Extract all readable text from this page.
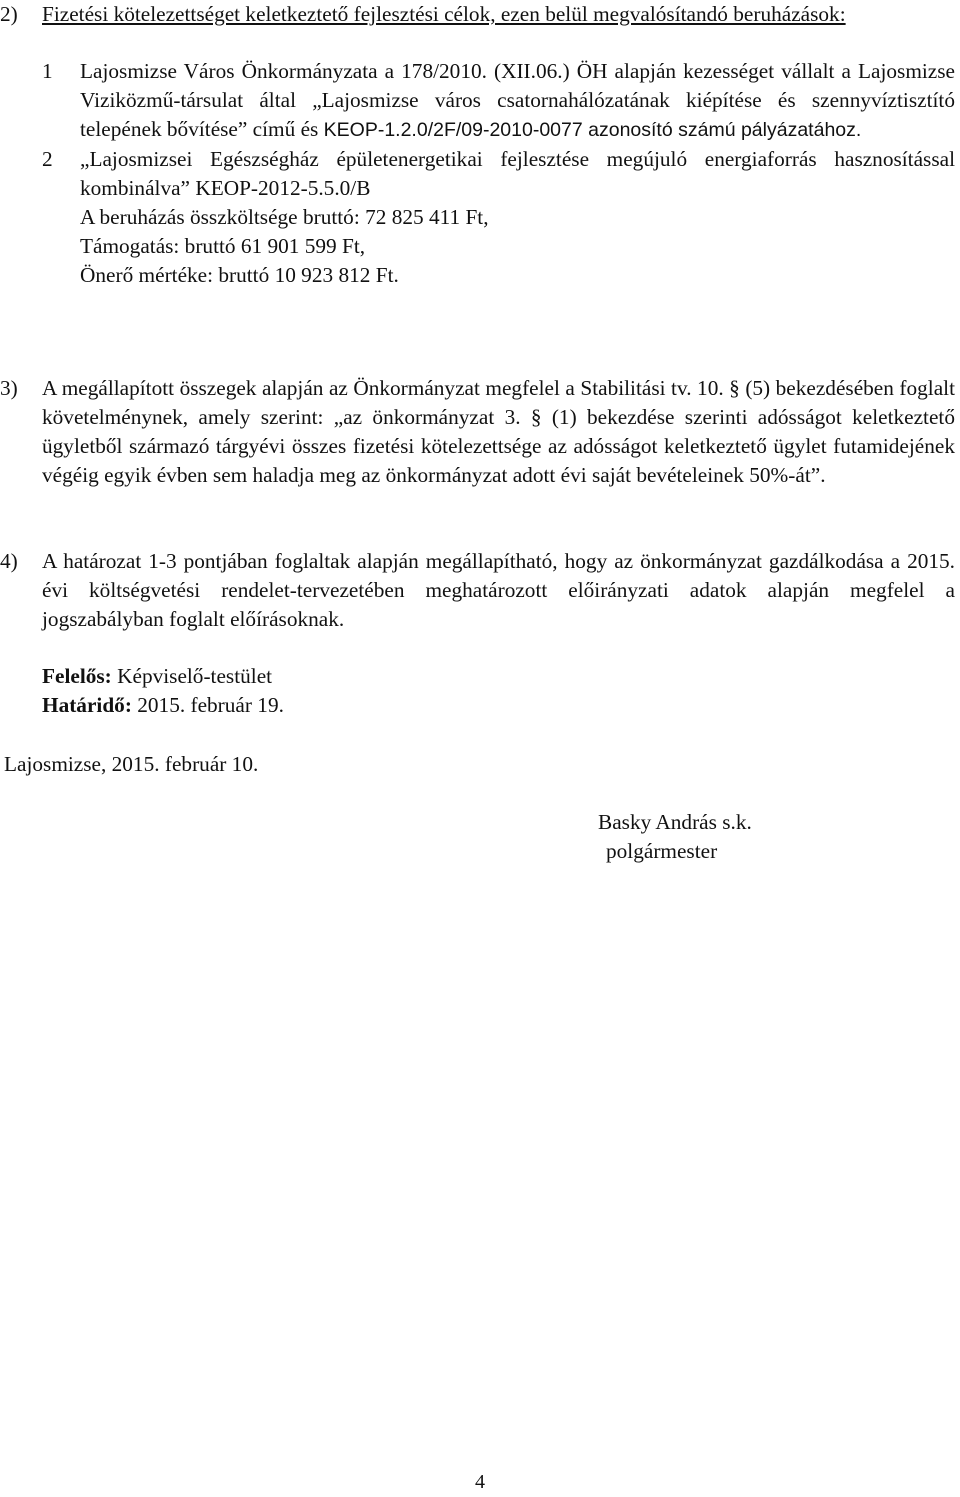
2)	Fizetési kötelezettséget keletkeztető fejlesztési célok, ezen belül megvalósítandó beruházások:
1	Lajosmizse Város Önkormányzata a 178/2010. (XII.06.) ÖH alapján kezességet vállalt a Lajosmizse Viziközmű-társulat által „Lajosmizse város csatornahálózatának kiépítése és szennyvíztisztító telepének bővítése” című és KEOP-1.2.0/2F/09-2010-0077 azonosító számú pályázatához.
2	„Lajosmizsei Egészségház épületenergetikai fejlesztése megújuló energiaforrás hasznosítással kombinálva” KEOP-2012-5.5.0/B
A beruházás összköltsége bruttó: 72 825 411 Ft,
Támogatás: bruttó 61 901 599 Ft,
Önerő mértéke: bruttó 10 923 812 Ft.
3)	A megállapított összegek alapján az Önkormányzat megfelel a Stabilitási tv. 10. § (5) bekezdésében foglalt követelménynek, amely szerint: „az önkormányzat 3. § (1) bekezdése szerinti adósságot keletkeztető ügyletből származó tárgyévi összes fizetési kötelezettsége az adósságot keletkeztető ügylet futamidejének végéig egyik évben sem haladja meg az önkormányzat adott évi saját bevételeinek 50%-át”.
4)	A határozat 1-3 pontjában foglaltak alapján megállapítható, hogy az önkormányzat gazdálkodása a 2015. évi költségvetési rendelet-tervezetében meghatározott előirányzati adatok alapján megfelel a jogszabályban foglalt előírásoknak.
Felelős: Képviselő-testület
Határidő: 2015. február 19.
Lajosmizse, 2015. február 10.
Basky András s.k.
polgármester
4
